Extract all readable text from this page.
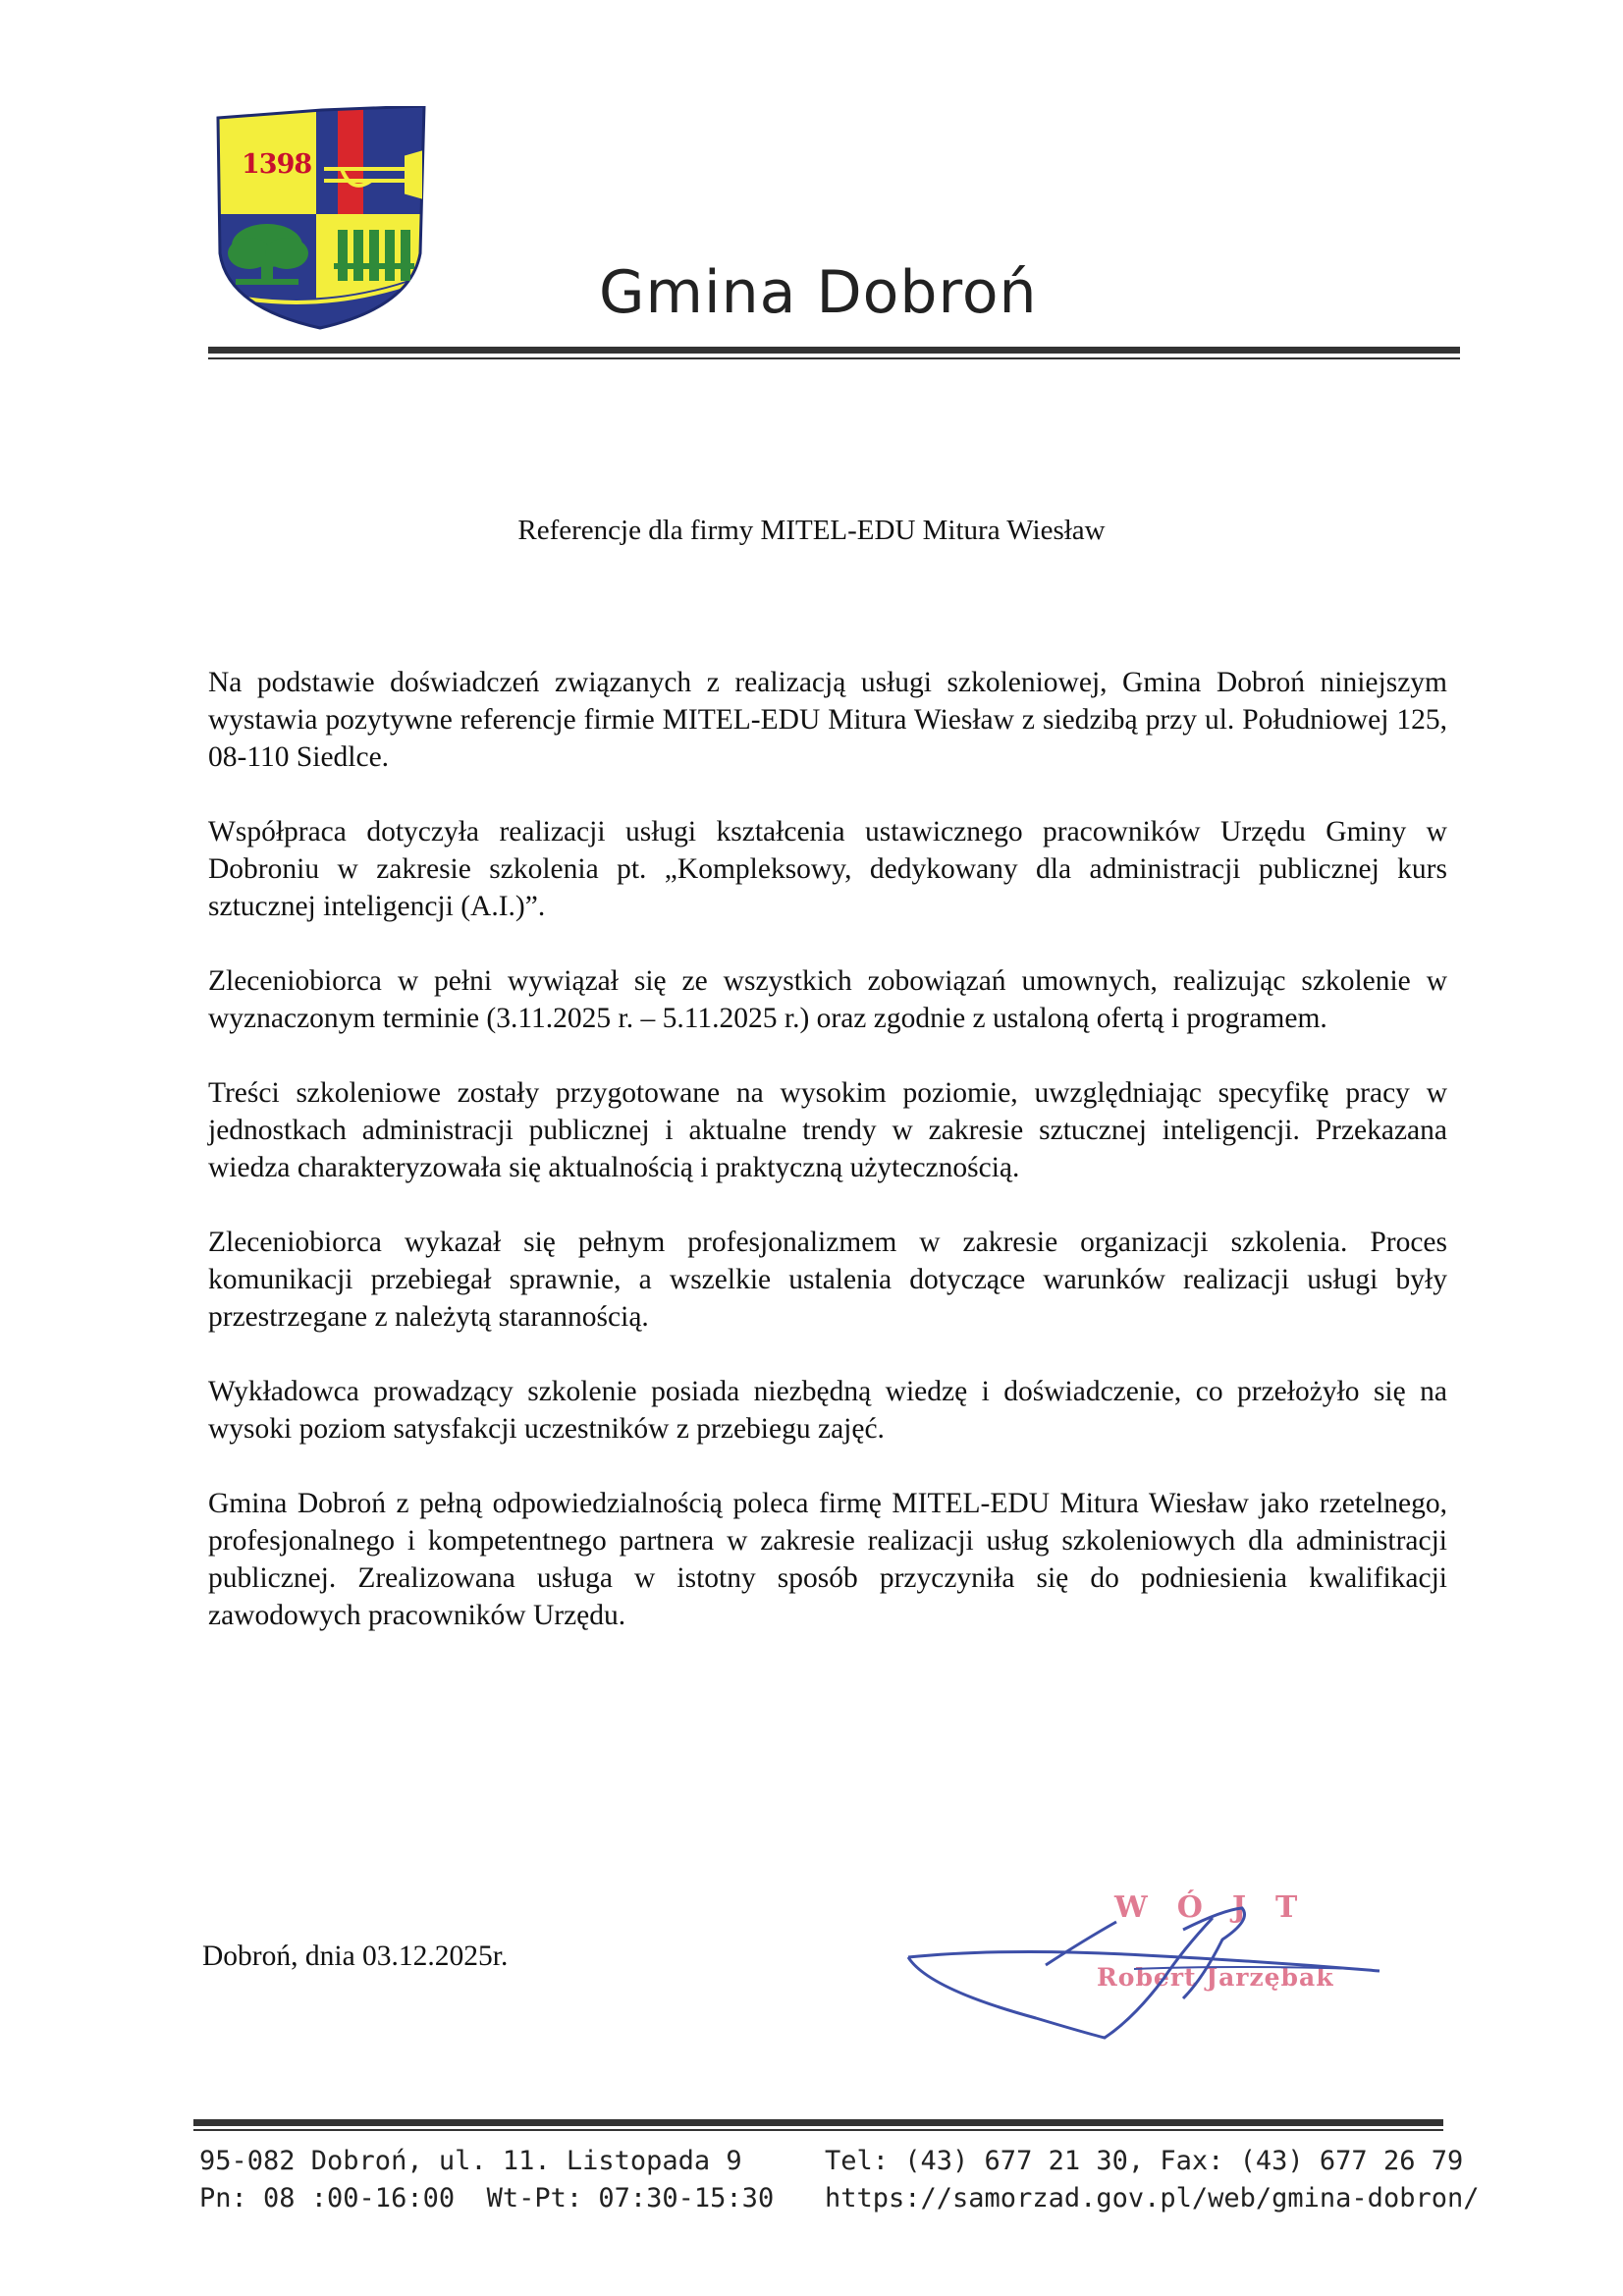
1398
Gmina Dobroń
Referencje dla firmy MITEL-EDU Mitura Wiesław

Na podstawie doświadczeń związanych z realizacją usługi szkoleniowej, Gmina Dobroń niniejszym wystawia pozytywne referencje firmie MITEL-EDU Mitura Wiesław z siedzibą przy ul. Południowej 125, 08-110 Siedlce.

Współpraca dotyczyła realizacji usługi kształcenia ustawicznego pracowników Urzędu Gminy w Dobroniu w zakresie szkolenia pt. „Kompleksowy, dedykowany dla administracji publicznej kurs sztucznej inteligencji (A.I.)”.

Zleceniobiorca w pełni wywiązał się ze wszystkich zobowiązań umownych, realizując szkolenie w wyznaczonym terminie (3.11.2025 r. – 5.11.2025 r.) oraz zgodnie z ustaloną ofertą i programem.

Treści szkoleniowe zostały przygotowane na wysokim poziomie, uwzględniając specyfikę pracy w jednostkach administracji publicznej i aktualne trendy w zakresie sztucznej inteligencji. Przekazana wiedza charakteryzowała się aktualnością i praktyczną użytecznością.

Zleceniobiorca wykazał się pełnym profesjonalizmem w zakresie organizacji szkolenia. Proces komunikacji przebiegał sprawnie, a wszelkie ustalenia dotyczące warunków realizacji usługi były przestrzegane z należytą starannością.

Wykładowca prowadzący szkolenie posiada niezbędną wiedzę i doświadczenie, co przełożyło się na wysoki poziom satysfakcji uczestników z przebiegu zajęć.

Gmina Dobroń z pełną odpowiedzialnością poleca firmę MITEL-EDU Mitura Wiesław jako rzetelnego, profesjonalnego i kompetentnego partnera w zakresie realizacji usług szkoleniowych dla administracji publicznej. Zrealizowana usługa w istotny sposób przyczyniła się do podniesienia kwalifikacji zawodowych pracowników Urzędu.

Dobroń, dnia 03.12.2025r.
WÓJT
Robert Jarzębak
95-082 Dobroń, ul. 11. Listopada 9
Pn: 08 :00-16:00  Wt-Pt: 07:30-15:30
Tel: (43) 677 21 30, Fax: (43) 677 26 79
https://samorzad.gov.pl/web/gmina-dobron/
